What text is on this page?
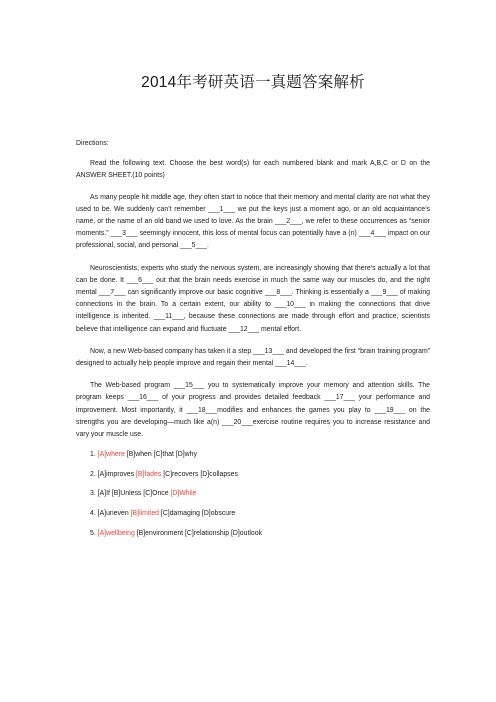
2014年考研英语一真题答案解析
Directions:

Read the following text. Choose the best word(s) for each numbered blank and mark A,B,C or D on the ANSWER SHEET.(10 points)

As many people hit middle age, they often start to notice that their memory and mental clarity are not what they used to be. We suddenly can’t remember ___1___ we put the keys just a moment ago, or an old acquaintance’s name, or the name of an old band we used to love. As the brain ___2___, we refer to these occurrences as “senior moments.” ___3___ seemingly innocent, this loss of mental focus can potentially have a (n) ___4___ impact on our professional, social, and personal ___5___.

Neuroscientists, experts who study the nervous system, are increasingly showing that there’s actually a lot that can be done. It ___6___ out that the brain needs exercise in much the same way our muscles do, and the right mental ___7___ can significantly improve our basic cognitive ___8___. Thinking is essentially a ___9___ of making connections in the brain. To a certain extent, our ability to ___10___ in making the connections that drive intelligence is inherited. ___11___, because these connections are made through effort and practice, scientists believe that intelligence can expand and fluctuate ___12___ mental effort.

Now, a new Web-based company has taken it a step ___13___ and developed the first “brain training program” designed to actually help people improve and regain their mental ___14___.

The Web-based program ___15___ you to systematically improve your memory and attention skills. The program keeps ___16___ of your progress and provides detailed feedback ___17___ your performance and improvement. Most importantly, it ___18___modifies and enhances the games you play to ___19___ on the strengths you are developing—much like a(n) ___20___exercise routine requires you to increase resistance and vary your muscle use.

1. [A]where [B]when [C]that [D]why
2. [A]improves [B]fades [C]recovers [D]collapses
3. [A]If [B]Unless [C]Once [D]While
4. [A]uneven [B]limited [C]damaging [D]obscure
5. [A]wellbeing [B]environment [C]relationship [D]outlook
